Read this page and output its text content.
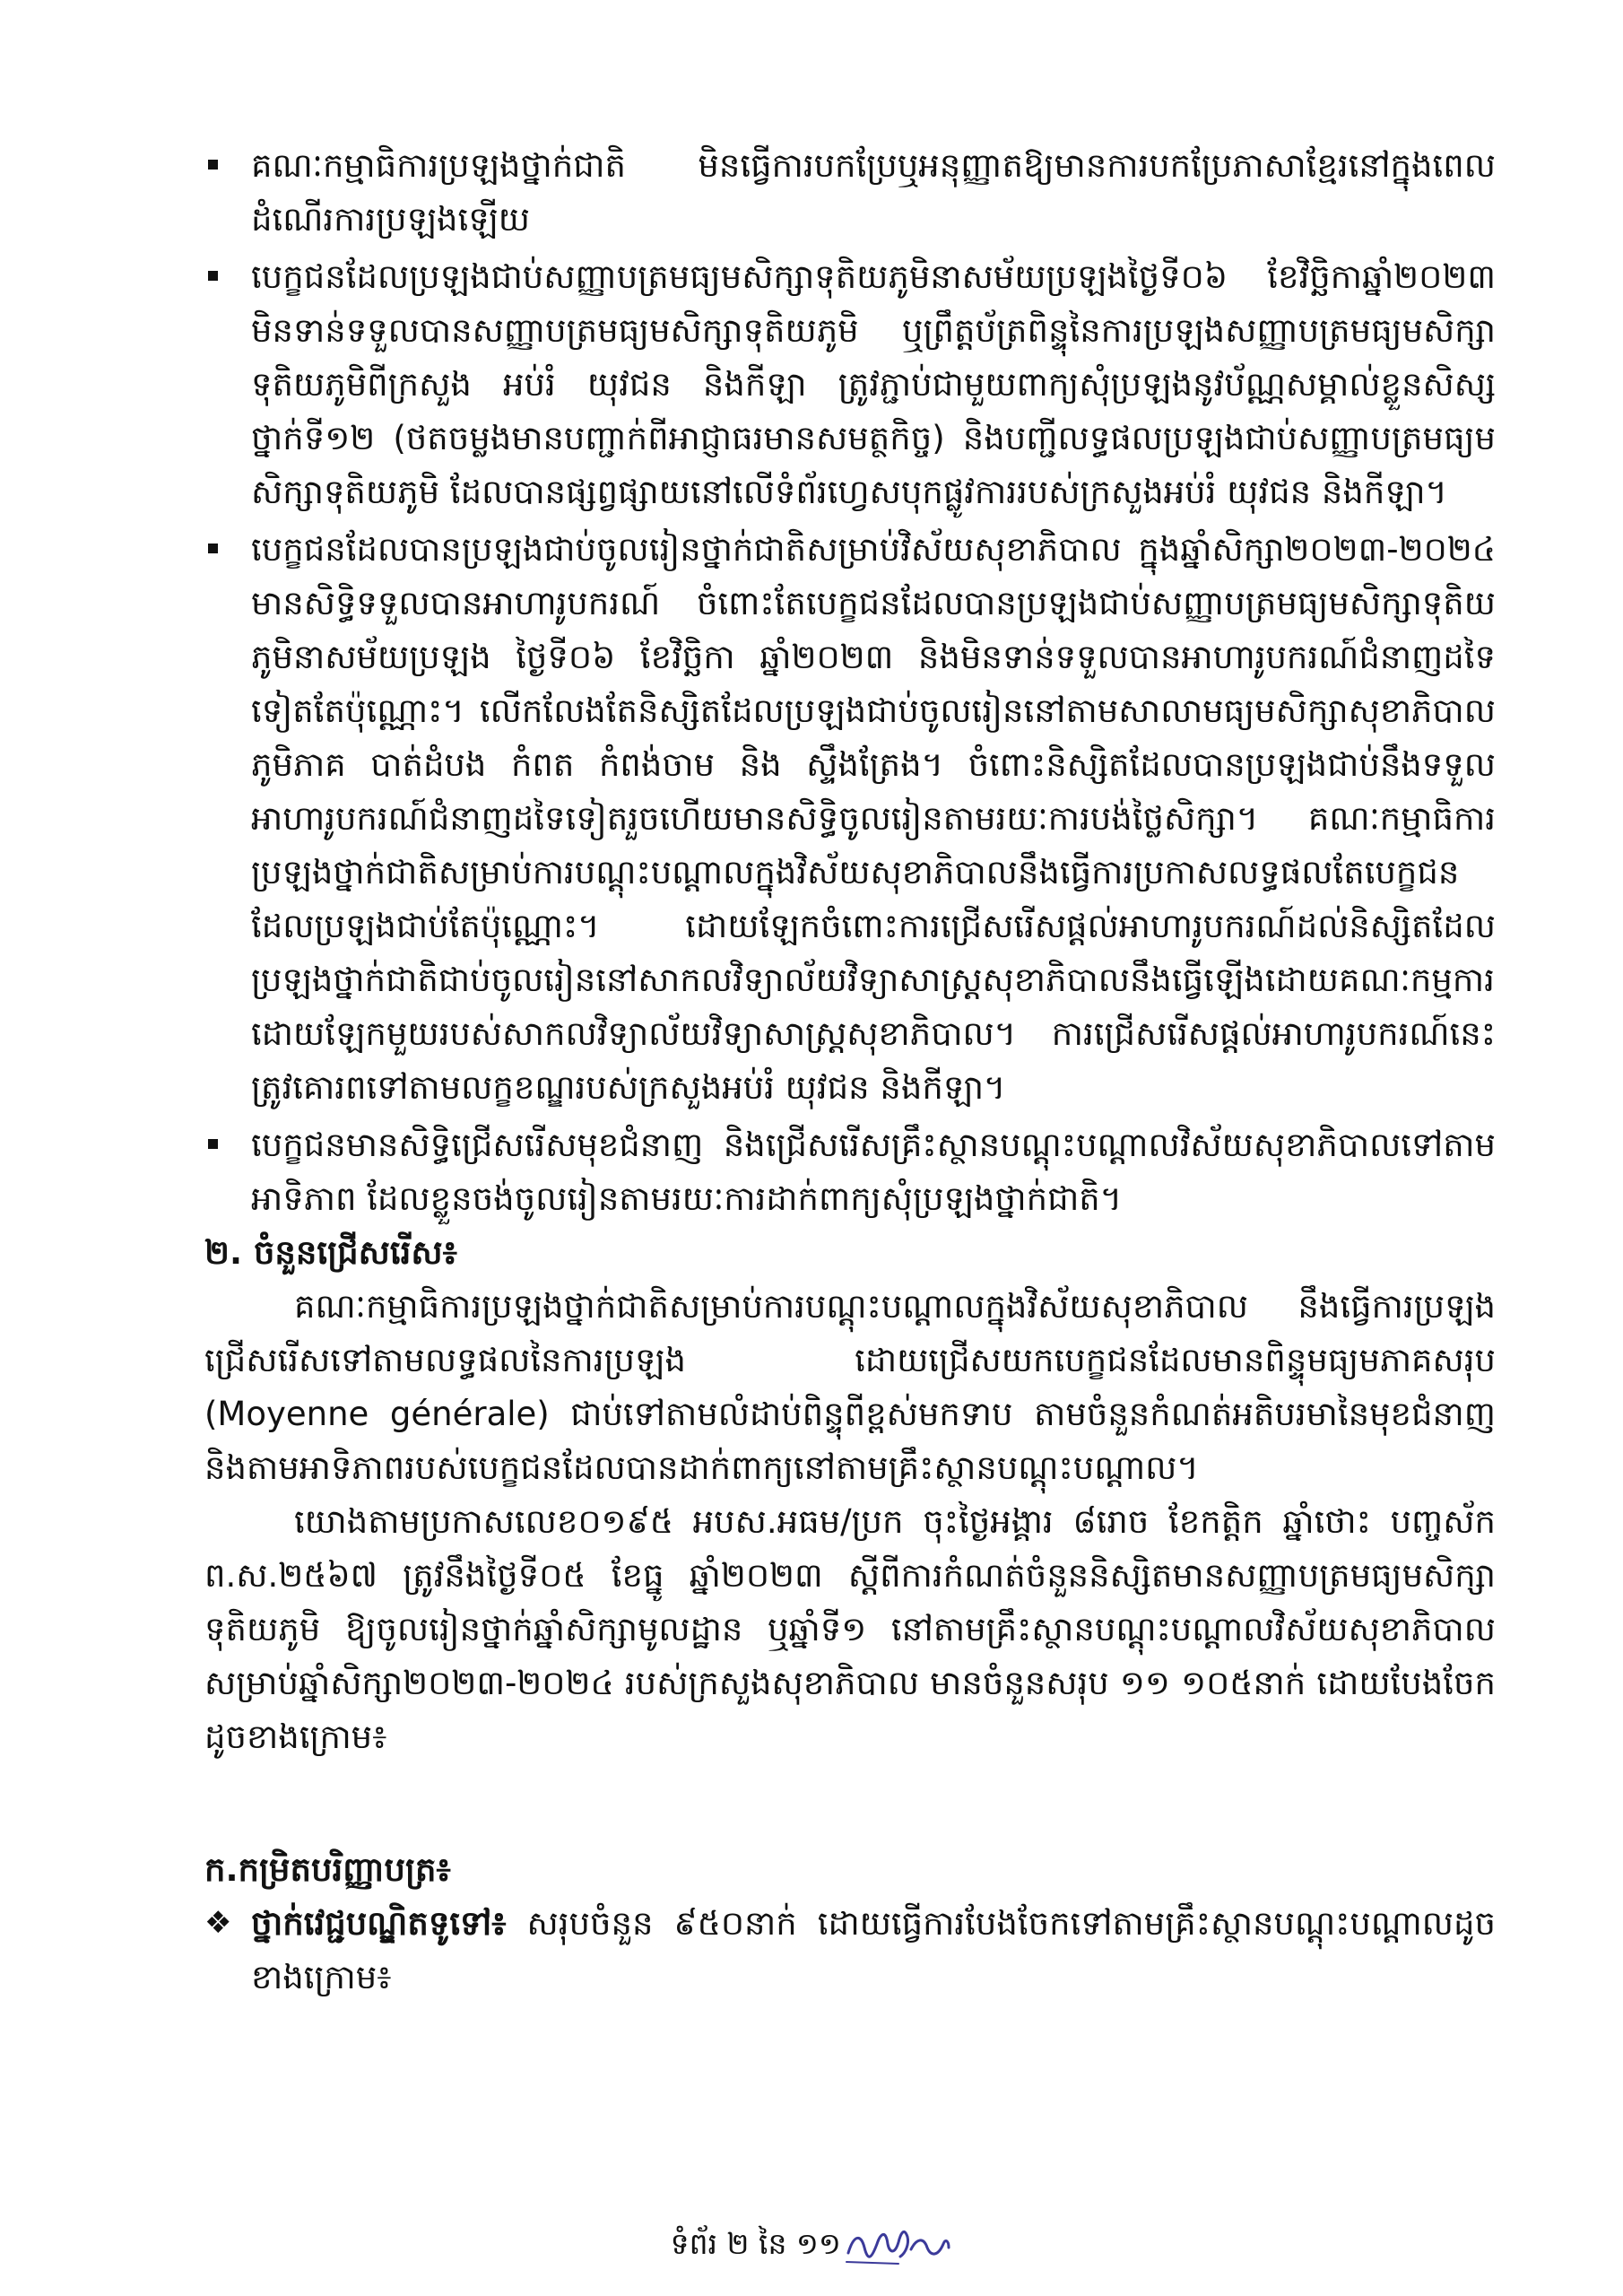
គណៈកម្មាធិការប្រឡងថ្នាក់ជាតិ មិនធ្វើការបកប្រែឬអនុញ្ញាតឱ្យមានការបកប្រែភាសាខ្មែរនៅក្នុងពេលដំណើរការប្រឡងឡើយ

បេក្ខជនដែលប្រឡងជាប់សញ្ញាបត្រមធ្យមសិក្សាទុតិយភូមិនាសម័យប្រឡងថ្ងៃទី០៦ ខែវិច្ឆិកាឆ្នាំ២០២៣ មិនទាន់ទទួលបានសញ្ញាបត្រមធ្យមសិក្សាទុតិយភូមិ ឬព្រឹត្តប័ត្រពិន្ទុនៃការប្រឡងសញ្ញាបត្រមធ្យមសិក្សាទុតិយភូមិពីក្រសួង អប់រំ យុវជន និងកីឡា ត្រូវភ្ជាប់ជាមួយពាក្យសុំប្រឡងនូវប័ណ្ណសម្គាល់ខ្លួនសិស្សថ្នាក់ទី១២ (ថតចម្លងមានបញ្ជាក់ពីអាជ្ញាធរមានសមត្ថកិច្ច) និងបញ្ជីលទ្ធផលប្រឡងជាប់សញ្ញាបត្រមធ្យមសិក្សាទុតិយភូមិ ដែលបានផ្សព្វផ្សាយនៅលើទំព័រហ្វេសបុកផ្លូវការរបស់ក្រសួងអប់រំ យុវជន និងកីឡា។

បេក្ខជនដែលបានប្រឡងជាប់ចូលរៀនថ្នាក់ជាតិសម្រាប់វិស័យសុខាភិបាល ក្នុងឆ្នាំសិក្សា២០២៣-២០២៤ មានសិទ្ធិទទួលបានអាហារូបករណ៍ ចំពោះតែបេក្ខជនដែលបានប្រឡងជាប់សញ្ញាបត្រមធ្យមសិក្សាទុតិយភូមិនាសម័យប្រឡង ថ្ងៃទី០៦ ខែវិច្ឆិកា ឆ្នាំ២០២៣ និងមិនទាន់ទទួលបានអាហារូបករណ៍ជំនាញដទៃទៀតតែប៉ុណ្ណោះ។ លើកលែងតែនិស្សិតដែលប្រឡងជាប់ចូលរៀននៅតាមសាលាមធ្យមសិក្សាសុខាភិបាលភូមិភាគ បាត់ដំបង កំពត កំពង់ចាម និង ស្ទឹងត្រែង។ ចំពោះនិស្សិតដែលបានប្រឡងជាប់នឹងទទួលអាហារូបករណ៍ជំនាញដទៃទៀតរួចហើយមានសិទ្ធិចូលរៀនតាមរយៈការបង់ថ្លៃសិក្សា។ គណៈកម្មាធិការប្រឡងថ្នាក់ជាតិសម្រាប់ការបណ្តុះបណ្តាលក្នុងវិស័យសុខាភិបាលនឹងធ្វើការប្រកាសលទ្ធផលតែបេក្ខជនដែលប្រឡងជាប់តែប៉ុណ្ណោះ។ ដោយឡែកចំពោះការជ្រើសរើសផ្តល់អាហារូបករណ៍ដល់និស្សិតដែលប្រឡងថ្នាក់ជាតិជាប់ចូលរៀននៅសាកលវិទ្យាល័យវិទ្យាសាស្ត្រសុខាភិបាលនឹងធ្វើឡើងដោយគណៈកម្មការដោយឡែកមួយរបស់សាកលវិទ្យាល័យវិទ្យាសាស្ត្រសុខាភិបាល។ ការជ្រើសរើសផ្តល់អាហារូបករណ៍នេះ ត្រូវគោរពទៅតាមលក្ខខណ្ឌរបស់ក្រសួងអប់រំ យុវជន និងកីឡា។

បេក្ខជនមានសិទ្ធិជ្រើសរើសមុខជំនាញ និងជ្រើសរើសគ្រឹះស្ថានបណ្តុះបណ្តាលវិស័យសុខាភិបាលទៅតាមអាទិភាព ដែលខ្លួនចង់ចូលរៀនតាមរយៈការដាក់ពាក្យសុំប្រឡងថ្នាក់ជាតិ។

២. ចំនួនជ្រើសរើស៖

គណៈកម្មាធិការប្រឡងថ្នាក់ជាតិសម្រាប់ការបណ្តុះបណ្តាលក្នុងវិស័យសុខាភិបាល នឹងធ្វើការប្រឡងជ្រើសរើសទៅតាមលទ្ធផលនៃការប្រឡង ដោយជ្រើសយកបេក្ខជនដែលមានពិន្ទុមធ្យមភាគសរុប (Moyenne générale) ជាប់ទៅតាមលំដាប់ពិន្ទុពីខ្ពស់មកទាប តាមចំនួនកំណត់អតិបរមានៃមុខជំនាញ និងតាមអាទិភាពរបស់បេក្ខជនដែលបានដាក់ពាក្យនៅតាមគ្រឹះស្ថានបណ្តុះបណ្តាល។

យោងតាមប្រកាសលេខ០១៩៥ អបស.អធម/ប្រក ចុះថ្ងៃអង្គារ ៨រោច ខែកត្តិក ឆ្នាំថោះ បញ្ចស័ក ព.ស.២៥៦៧ ត្រូវនឹងថ្ងៃទី០៥ ខែធ្នូ ឆ្នាំ២០២៣ ស្តីពីការកំណត់ចំនួននិស្សិតមានសញ្ញាបត្រមធ្យមសិក្សាទុតិយភូមិ ឱ្យចូលរៀនថ្នាក់ឆ្នាំសិក្សាមូលដ្ឋាន ឬឆ្នាំទី១ នៅតាមគ្រឹះស្ថានបណ្តុះបណ្តាលវិស័យសុខាភិបាល សម្រាប់ឆ្នាំសិក្សា២០២៣-២០២៤ របស់ក្រសួងសុខាភិបាល មានចំនួនសរុប ១១ ១០៥នាក់ ដោយបែងចែកដូចខាងក្រោម៖

ក.កម្រិតបរិញ្ញាបត្រ៖

❖ ថ្នាក់វេជ្ជបណ្ឌិតទូទៅ៖ សរុបចំនួន ៩៥០នាក់ ដោយធ្វើការបែងចែកទៅតាមគ្រឹះស្ថានបណ្តុះបណ្តាលដូចខាងក្រោម៖

ទំព័រ ២ នៃ ១១
